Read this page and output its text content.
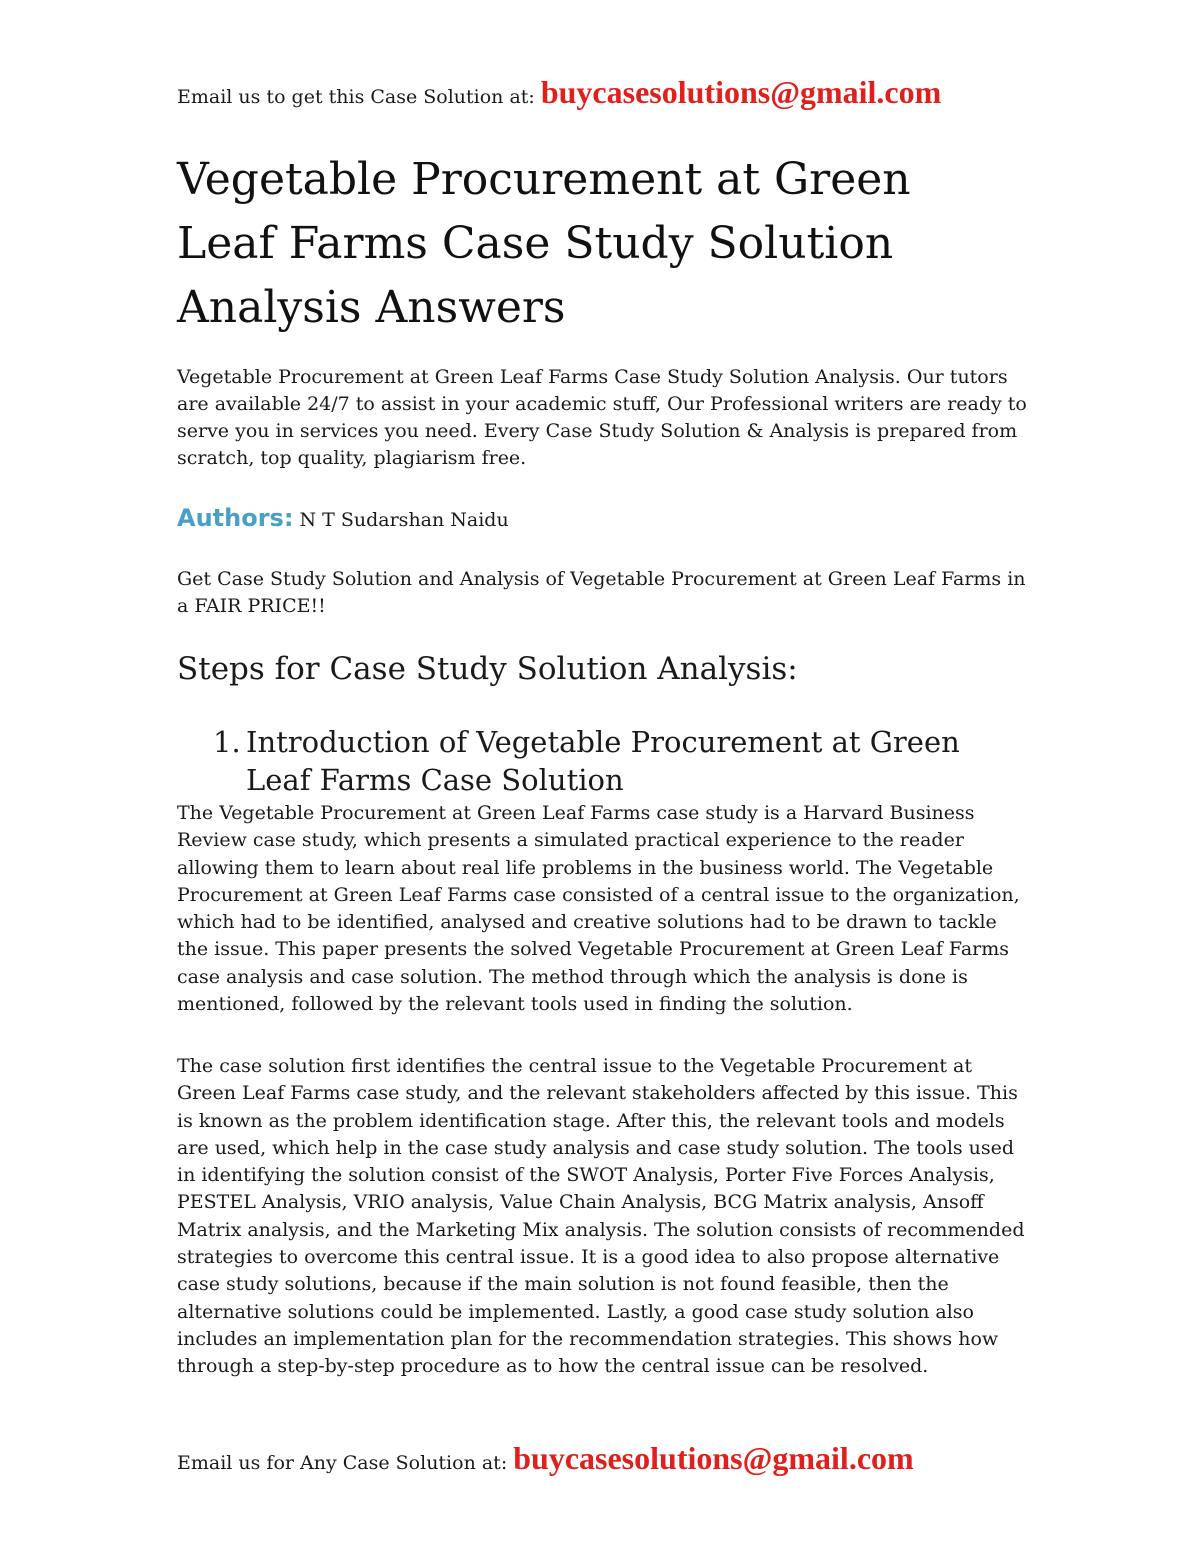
Email us to get this Case Solution at: buycasesolutions@gmail.com
Vegetable Procurement at Green
Leaf Farms Case Study Solution
Analysis Answers

Vegetable Procurement at Green Leaf Farms Case Study Solution Analysis. Our tutors are available 24/7 to assist in your academic stuff, Our Professional writers are ready to serve you in services you need. Every Case Study Solution & Analysis is prepared from scratch, top quality, plagiarism free.

Authors: N T Sudarshan Naidu

Get Case Study Solution and Analysis of Vegetable Procurement at Green Leaf Farms in a FAIR PRICE!!

Steps for Case Study Solution Analysis:
1. Introduction of Vegetable Procurement at Green
Leaf Farms Case Solution

The Vegetable Procurement at Green Leaf Farms case study is a Harvard Business Review case study, which presents a simulated practical experience to the reader allowing them to learn about real life problems in the business world. The Vegetable Procurement at Green Leaf Farms case consisted of a central issue to the organization, which had to be identified, analysed and creative solutions had to be drawn to tackle the issue. This paper presents the solved Vegetable Procurement at Green Leaf Farms case analysis and case solution. The method through which the analysis is done is mentioned, followed by the relevant tools used in finding the solution.

The case solution first identifies the central issue to the Vegetable Procurement at Green Leaf Farms case study, and the relevant stakeholders affected by this issue. This is known as the problem identification stage. After this, the relevant tools and models are used, which help in the case study analysis and case study solution. The tools used in identifying the solution consist of the SWOT Analysis, Porter Five Forces Analysis, PESTEL Analysis, VRIO analysis, Value Chain Analysis, BCG Matrix analysis, Ansoff Matrix analysis, and the Marketing Mix analysis. The solution consists of recommended strategies to overcome this central issue. It is a good idea to also propose alternative case study solutions, because if the main solution is not found feasible, then the alternative solutions could be implemented. Lastly, a good case study solution also includes an implementation plan for the recommendation strategies. This shows how through a step-by-step procedure as to how the central issue can be resolved.

Email us for Any Case Solution at: buycasesolutions@gmail.com
